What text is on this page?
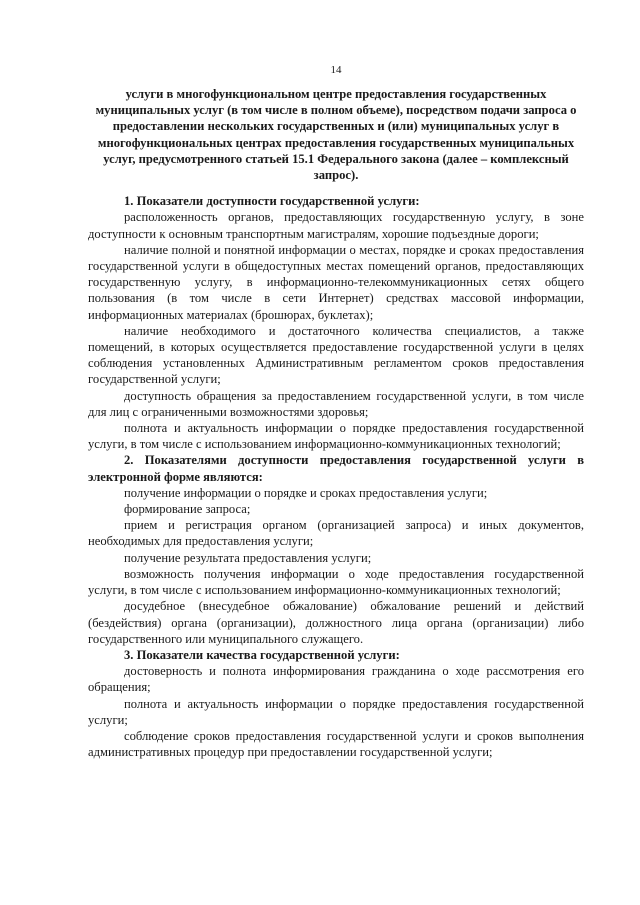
14

услуги в многофункциональном центре предоставления государственных муниципальных услуг (в том числе в полном объеме), посредством подачи запроса о предоставлении нескольких государственных и (или) муниципальных услуг в многофункциональных центрах предоставления государственных муниципальных услуг, предусмотренного статьей 15.1 Федерального закона (далее – комплексный запрос).

1. Показатели доступности государственной услуги:

расположенность органов, предоставляющих государственную услугу, в зоне доступности к основным транспортным магистралям, хорошие подъездные дороги;

наличие полной и понятной информации о местах, порядке и сроках предоставления государственной услуги в общедоступных местах помещений органов, предоставляющих государственную услугу, в информационно-телекоммуникационных сетях общего пользования (в том числе в сети Интернет) средствах массовой информации, информационных материалах (брошюрах, буклетах);

наличие необходимого и достаточного количества специалистов, а также помещений, в которых осуществляется предоставление государственной услуги в целях соблюдения установленных Административным регламентом сроков предоставления государственной услуги;

доступность обращения за предоставлением государственной услуги, в том числе для лиц с ограниченными возможностями здоровья;

полнота и актуальность информации о порядке предоставления государственной услуги, в том числе с использованием информационно-коммуникационных технологий;

2. Показателями доступности предоставления государственной услуги в электронной форме являются:

получение информации о порядке и сроках предоставления услуги;

формирование запроса;

прием и регистрация органом (организацией запроса) и иных документов, необходимых для предоставления услуги;

получение результата предоставления услуги;

возможность получения информации о ходе предоставления государственной услуги, в том числе с использованием информационно-коммуникационных технологий;

досудебное (внесудебное обжалование) обжалование решений и действий (бездействия) органа (организации), должностного лица органа (организации) либо государственного или муниципального служащего.

3. Показатели качества государственной услуги:

достоверность и полнота информирования гражданина о ходе рассмотрения его обращения;

полнота и актуальность информации о порядке предоставления государственной услуги;

соблюдение сроков предоставления государственной услуги и сроков выполнения административных процедур при предоставлении государственной услуги;
